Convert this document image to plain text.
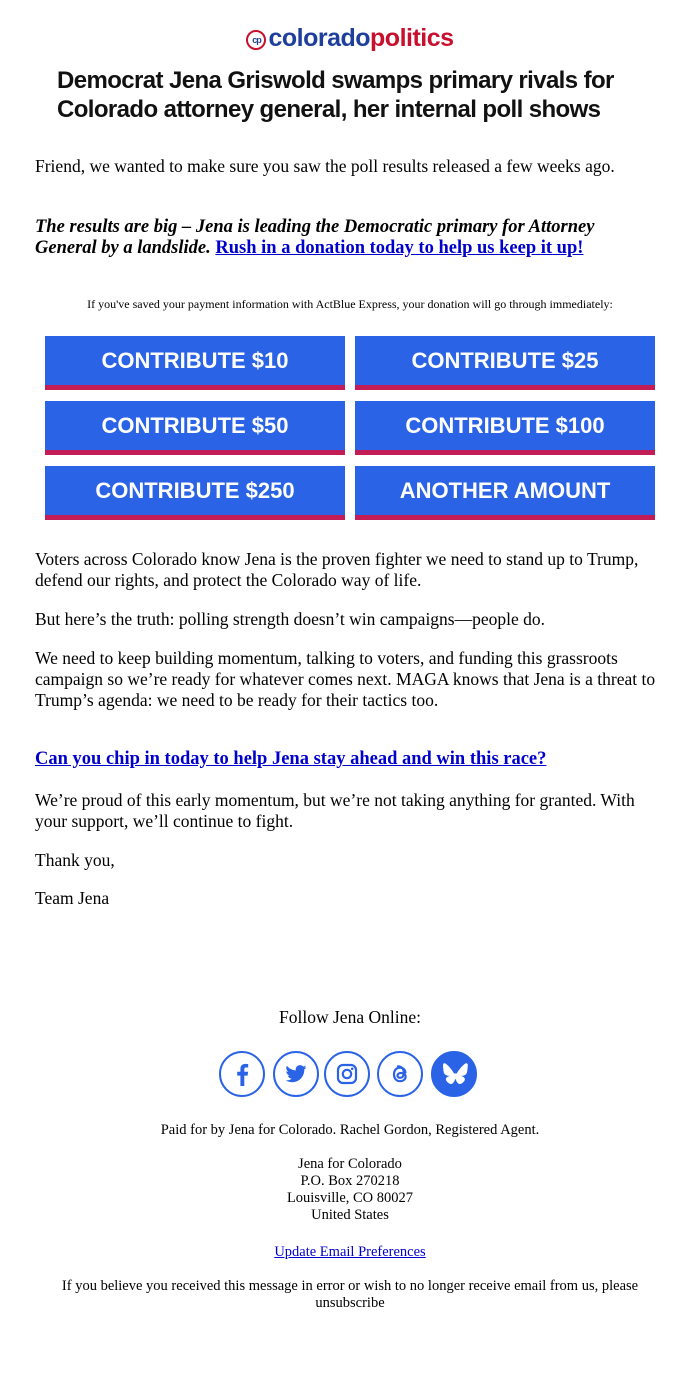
cp coloradopolitics
Democrat Jena Griswold swamps primary rivals for Colorado attorney general, her internal poll shows
Friend, we wanted to make sure you saw the poll results released a few weeks ago.
The results are big – Jena is leading the Democratic primary for Attorney General by a landslide. Rush in a donation today to help us keep it up!
If you've saved your payment information with ActBlue Express, your donation will go through immediately:
CONTRIBUTE $10	CONTRIBUTE $25
CONTRIBUTE $50	CONTRIBUTE $100
CONTRIBUTE $250	ANOTHER AMOUNT
Voters across Colorado know Jena is the proven fighter we need to stand up to Trump, defend our rights, and protect the Colorado way of life.
But here’s the truth: polling strength doesn’t win campaigns—people do.
We need to keep building momentum, talking to voters, and funding this grassroots campaign so we’re ready for whatever comes next. MAGA knows that Jena is a threat to Trump’s agenda: we need to be ready for their tactics too.
Can you chip in today to help Jena stay ahead and win this race?
We’re proud of this early momentum, but we’re not taking anything for granted. With your support, we’ll continue to fight.
Thank you,
Team Jena
Follow Jena Online:
Paid for by Jena for Colorado. Rachel Gordon, Registered Agent.
Jena for Colorado
P.O. Box 270218
Louisville, CO 80027
United States
Update Email Preferences
If you believe you received this message in error or wish to no longer receive email from us, please unsubscribe
